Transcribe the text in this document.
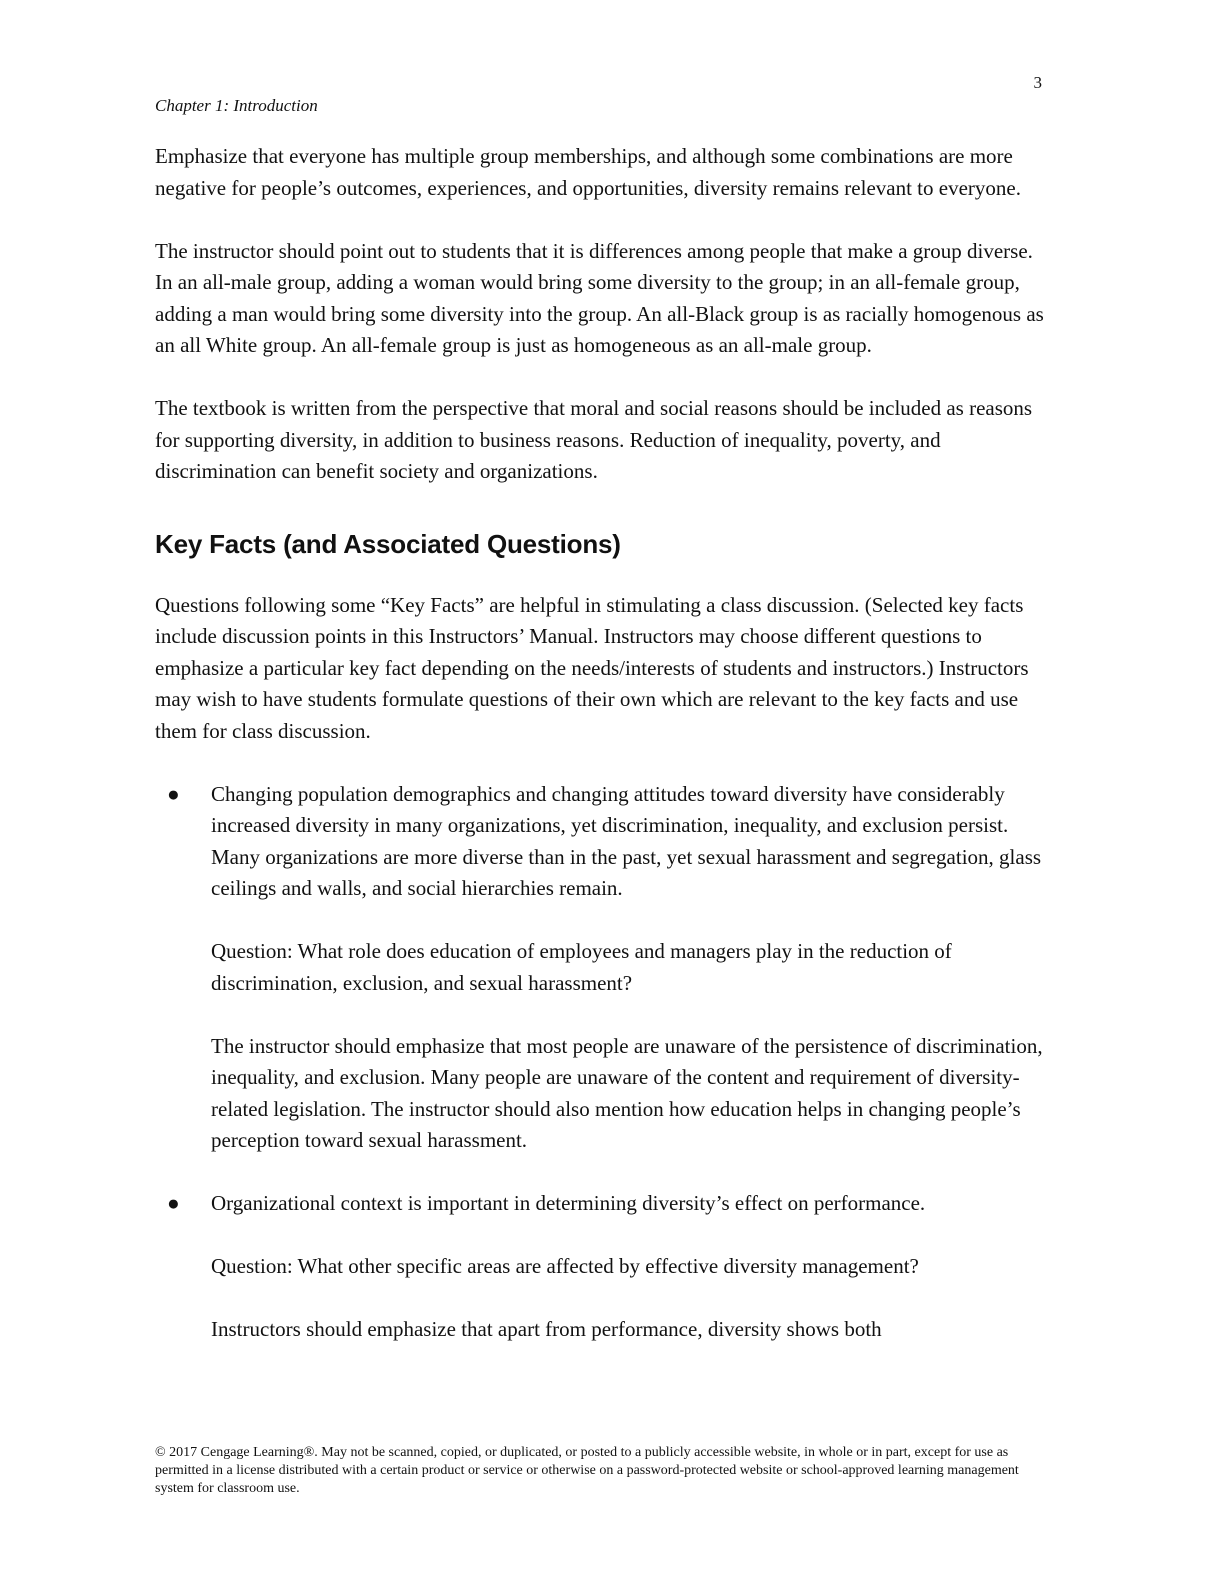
3
Chapter 1: Introduction

Emphasize that everyone has multiple group memberships, and although some combinations are more negative for people’s outcomes, experiences, and opportunities, diversity remains relevant to everyone.

The instructor should point out to students that it is differences among people that make a group diverse. In an all-male group, adding a woman would bring some diversity to the group; in an all-female group, adding a man would bring some diversity into the group. An all-Black group is as racially homogenous as an all White group. An all-female group is just as homogeneous as an all-male group.

The textbook is written from the perspective that moral and social reasons should be included as reasons for supporting diversity, in addition to business reasons. Reduction of inequality, poverty, and discrimination can benefit society and organizations.

Key Facts (and Associated Questions)

Questions following some “Key Facts” are helpful in stimulating a class discussion. (Selected key facts include discussion points in this Instructors’ Manual. Instructors may choose different questions to emphasize a particular key fact depending on the needs/interests of students and instructors.) Instructors may wish to have students formulate questions of their own which are relevant to the key facts and use them for class discussion.

● Changing population demographics and changing attitudes toward diversity have considerably increased diversity in many organizations, yet discrimination, inequality, and exclusion persist. Many organizations are more diverse than in the past, yet sexual harassment and segregation, glass ceilings and walls, and social hierarchies remain.

Question: What role does education of employees and managers play in the reduction of discrimination, exclusion, and sexual harassment?

The instructor should emphasize that most people are unaware of the persistence of discrimination, inequality, and exclusion. Many people are unaware of the content and requirement of diversity-related legislation. The instructor should also mention how education helps in changing people’s perception toward sexual harassment.

● Organizational context is important in determining diversity’s effect on performance.

Question: What other specific areas are affected by effective diversity management?

Instructors should emphasize that apart from performance, diversity shows both

© 2017 Cengage Learning®. May not be scanned, copied, or duplicated, or posted to a publicly accessible website, in whole or in part, except for use as permitted in a license distributed with a certain product or service or otherwise on a password-protected website or school-approved learning management system for classroom use.
